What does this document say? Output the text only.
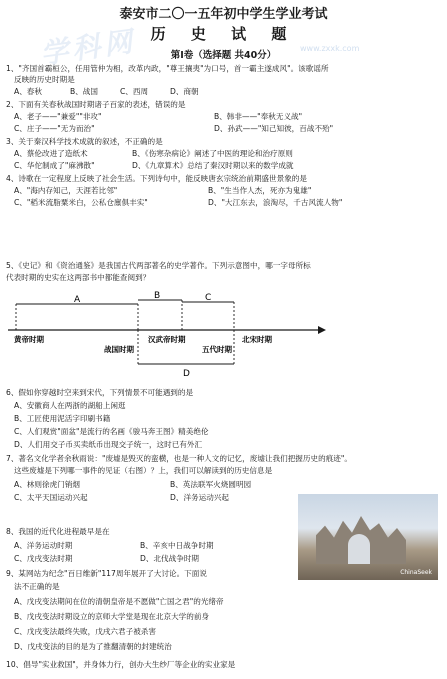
学科网	www.zxxk.com
泰安市二〇一五年初中学生学业考试
历 史 试 题
第Ⅰ卷（选择题 共40分）
1、"齐国首霸桓公，任用管仲为相，改革内政，"尊王攘夷"为口号，首一霸主遂成风"。该歌谣所
反映的历史时期是
A、春秋	B、战国	C、西周	D、商朝
2、下面有关春秋战国时期诸子百家的表述，错误的是
A、老子——"兼爱""非攻"	B、韩非——"奉秋无义战"
C、庄子——"无为而治"	D、孙武——"知己知彼，百战不殆"
3、关于秦汉科学技术成就的叙述，不正确的是
A、蔡伦改进了造纸术	B、《伤寒杂病论》阐述了中医的理论和治疗原则
C、华佗制成了"麻沸散"	D、《九章算术》总结了秦汉时期以来的数学成就
4、诗歌在一定程度上反映了社会生活。下列诗句中，能反映唐玄宗统治前期盛世景象的是
A、"海内存知己，天涯若比邻"	B、"生当作人杰，死亦为鬼雄"
C、"稻米流脂粟米白，公私仓廪俱丰实"	D、"大江东去，浪淘尽，千古风流人物"
5、《史记》和《资治通鉴》是我国古代两部著名的史学著作。下列示意图中，哪一字母所标
代表时期的史实在这两部书中都能查阅到？
A	B	C
D
黄帝时期
战国时期
汉武帝时期
五代时期
北宋时期
6、假如你穿越时空来到宋代，下列情景不可能遇到的是
A、安徽商人在两浙的湖船上闲逛
B、工匠使用泥活字印刷书籍
C、人们观赏"面盆"是流行的名画《骏马奔王图》精美绝伦
D、人们用交子币买卖纸币出现交子统一，这时已有外汇
7、著名文化学者余秋雨说："废墟是毁灭的蛮横，也是一种人文的记忆，废墟让我们把握历史的痕迹"。
这些废墟是下列哪一事件的见证（右图）？上，我们可以解读到的历史信息是
A、林则徐虎门销烟	B、英法联军火烧圆明园
C、太平天国运动兴起	D、洋务运动兴起
ChinaSeek
8、我国的近代化进程最早是在
A、洋务运动时期	B、辛亥中日战争时期
C、戊戌变法时期	D、北伐战争时期
9、某网站为纪念"百日维新"117周年展开了大讨论。下面说
法不正确的是
A、戊戌变法期间在位的清朝皇帝是不愿做"亡国之君"的光绪帝
B、戊戌变法时期设立的京师大学堂是现在北京大学的前身
C、戊戌变法最终失败，戊戌六君子被杀害
D、戊戌变法的目的是为了推翻清朝的封建统治
10、倡导"实业救国"，并身体力行，创办大生纱厂等企业的实业家是
